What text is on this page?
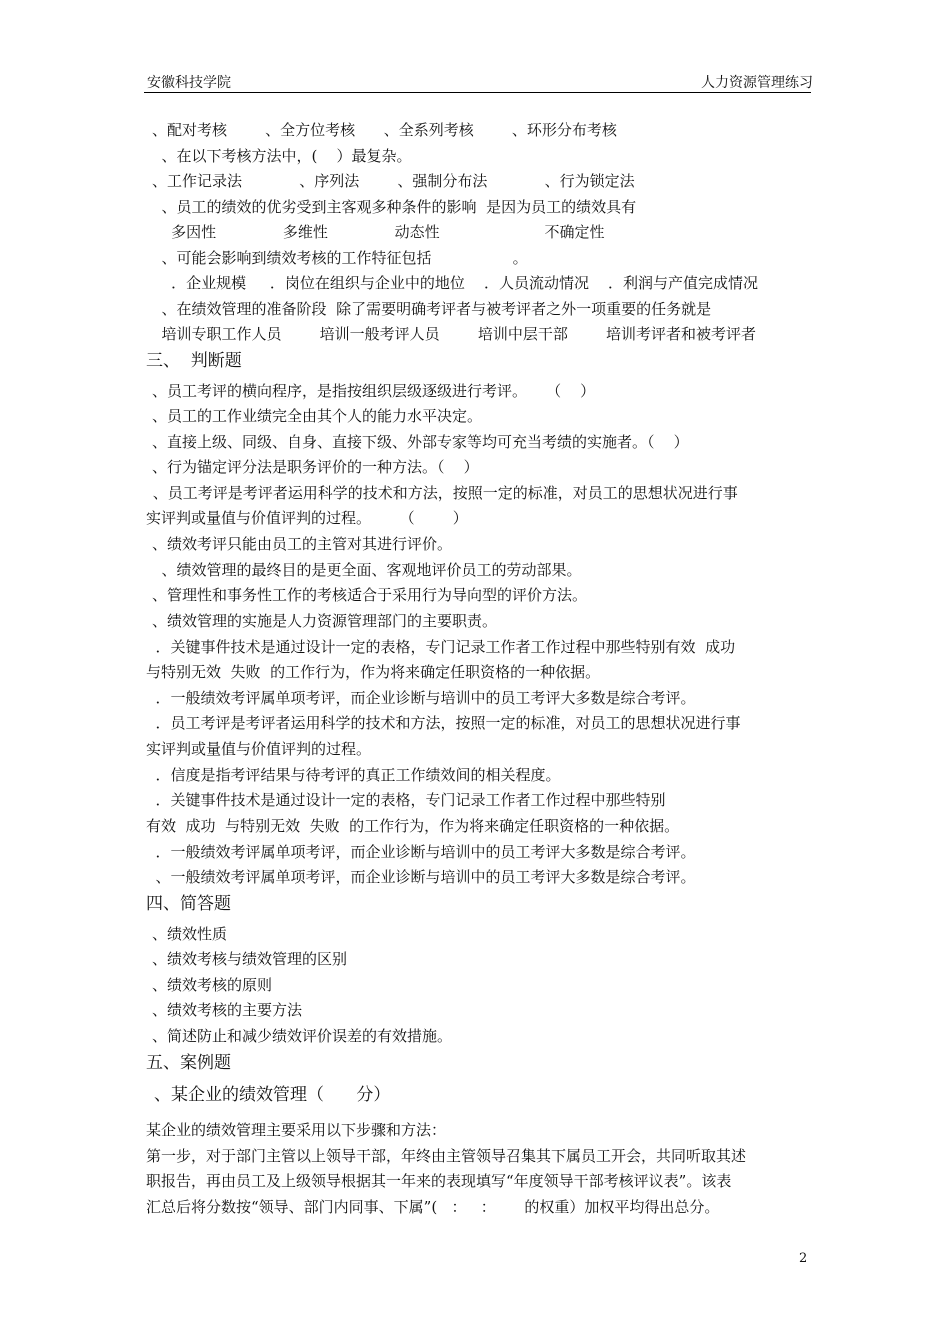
安徽科技学院	人力资源管理练习
、配对考核        、全方位考核      、全系列考核        、环形分布考核
、在以下考核方法中，(    ）最复杂。
、工作记录法            、序列法        、强制分布法            、行为锁定法
、员工的绩效的优劣受到主客观多种条件的影响  是因为员工的绩效具有
多因性              多维性              动态性                      不确定性
、可能会影响到绩效考核的工作特征包括                 。
．企业规模     ．岗位在组织与企业中的地位    ．人员流动情况    ．利润与产值完成情况
、在绩效管理的准备阶段  除了需要明确考评者与被考评者之外一项重要的任务就是
培训专职工作人员        培训一般考评人员        培训中层干部        培训考评者和被考评者
三、  判断题
、员工考评的横向程序，是指按组织层级逐级进行考评。    （    ）
、员工的工作业绩完全由其个人的能力水平决定。
、直接上级、同级、自身、直接下级、外部专家等均可充当考绩的实施者。（    ）
、行为锚定评分法是职务评价的一种方法。（    ）
、员工考评是考评者运用科学的技术和方法，按照一定的标准，对员工的思想状况进行事
实评判或量值与价值评判的过程。      （        ）
、绩效考评只能由员工的主管对其进行评价。
、绩效管理的最终目的是更全面、客观地评价员工的劳动部果。
、管理性和事务性工作的考核适合于采用行为导向型的评价方法。
、绩效管理的实施是人力资源管理部门的主要职责。
．关键事件技术是通过设计一定的表格，专门记录工作者工作过程中那些特别有效  成功
与特别无效  失败  的工作行为，作为将来确定任职资格的一种依据。
．一般绩效考评属单项考评，而企业诊断与培训中的员工考评大多数是综合考评。
．员工考评是考评者运用科学的技术和方法，按照一定的标准，对员工的思想状况进行事
实评判或量值与价值评判的过程。
．信度是指考评结果与待考评的真正工作绩效间的相关程度。
．关键事件技术是通过设计一定的表格，专门记录工作者工作过程中那些特别
有效  成功  与特别无效  失败  的工作行为，作为将来确定任职资格的一种依据。
．一般绩效考评属单项考评，而企业诊断与培训中的员工考评大多数是综合考评。
、一般绩效考评属单项考评，而企业诊断与培训中的员工考评大多数是综合考评。
四、简答题
、绩效性质
、绩效考核与绩效管理的区别
、绩效考核的原则
、绩效考核的主要方法
、简述防止和减少绩效评价误差的有效措施。
五、案例题
、某企业的绩效管理（      分）
某企业的绩效管理主要采用以下步骤和方法：
第一步，对于部门主管以上领导干部，年终由主管领导召集其下属员工开会，共同听取其述
职报告，再由员工及上级领导根据其一年来的表现填写“年度领导干部考核评议表”。该表
汇总后将分数按“领导、部门内同事、下属”(   ：   ：      的权重）加权平均得出总分。
2
